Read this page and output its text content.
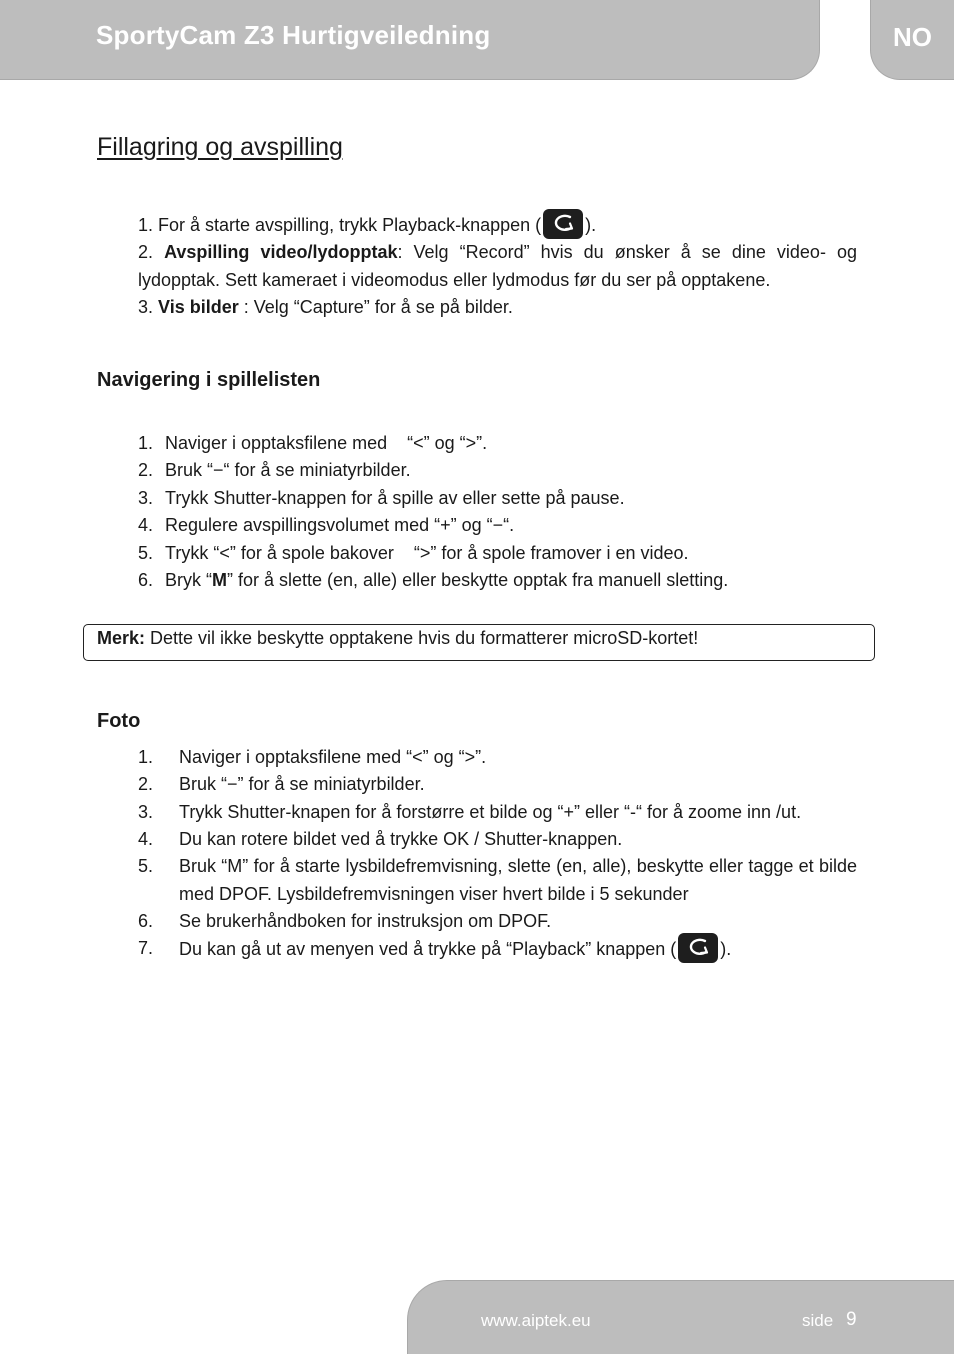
SportyCam Z3 Hurtigveiledning	NO
Fillagring og avspilling
1. For å starte avspilling, trykk Playback-knappen ( ).
2. Avspilling video/lydopptak: Velg “Record” hvis du ønsker å se dine video- og lydopptak. Sett kameraet i videomodus eller lydmodus før du ser på opptakene.
3. Vis bilder : Velg “Capture” for å se på bilder.
Navigering i spillelisten
1. Naviger i opptaksfilene med    “<” og “>”.
2. Bruk “−“ for å se miniatyrbilder.
3. Trykk Shutter-knappen for å spille av eller sette på pause.
4. Regulere avspillingsvolumet med “+” og “−“.
5. Trykk “<” for å spole bakover    “>” for å spole framover i en video.
6. Bryk “M” for å slette (en, alle) eller beskytte opptak fra manuell sletting.
Merk: Dette vil ikke beskytte opptakene hvis du formatterer microSD-kortet!
Foto
1. Naviger i opptaksfilene med “<” og “>”.
2. Bruk “−” for å se miniatyrbilder.
3. Trykk Shutter-knapen for å forstørre et bilde og “+” eller “-“ for å zoome inn /ut.
4. Du kan rotere bildet ved å trykke OK / Shutter-knappen.
5. Bruk “M” for å starte lysbildefremvisning, slette (en, alle), beskytte eller tagge et bilde med DPOF. Lysbildefremvisningen viser hvert bilde i 5 sekunder
6. Se brukerhåndboken for instruksjon om DPOF.
7. Du kan gå ut av menyen ved å trykke på “Playback” knappen ( ).
www.aiptek.eu	side 9
